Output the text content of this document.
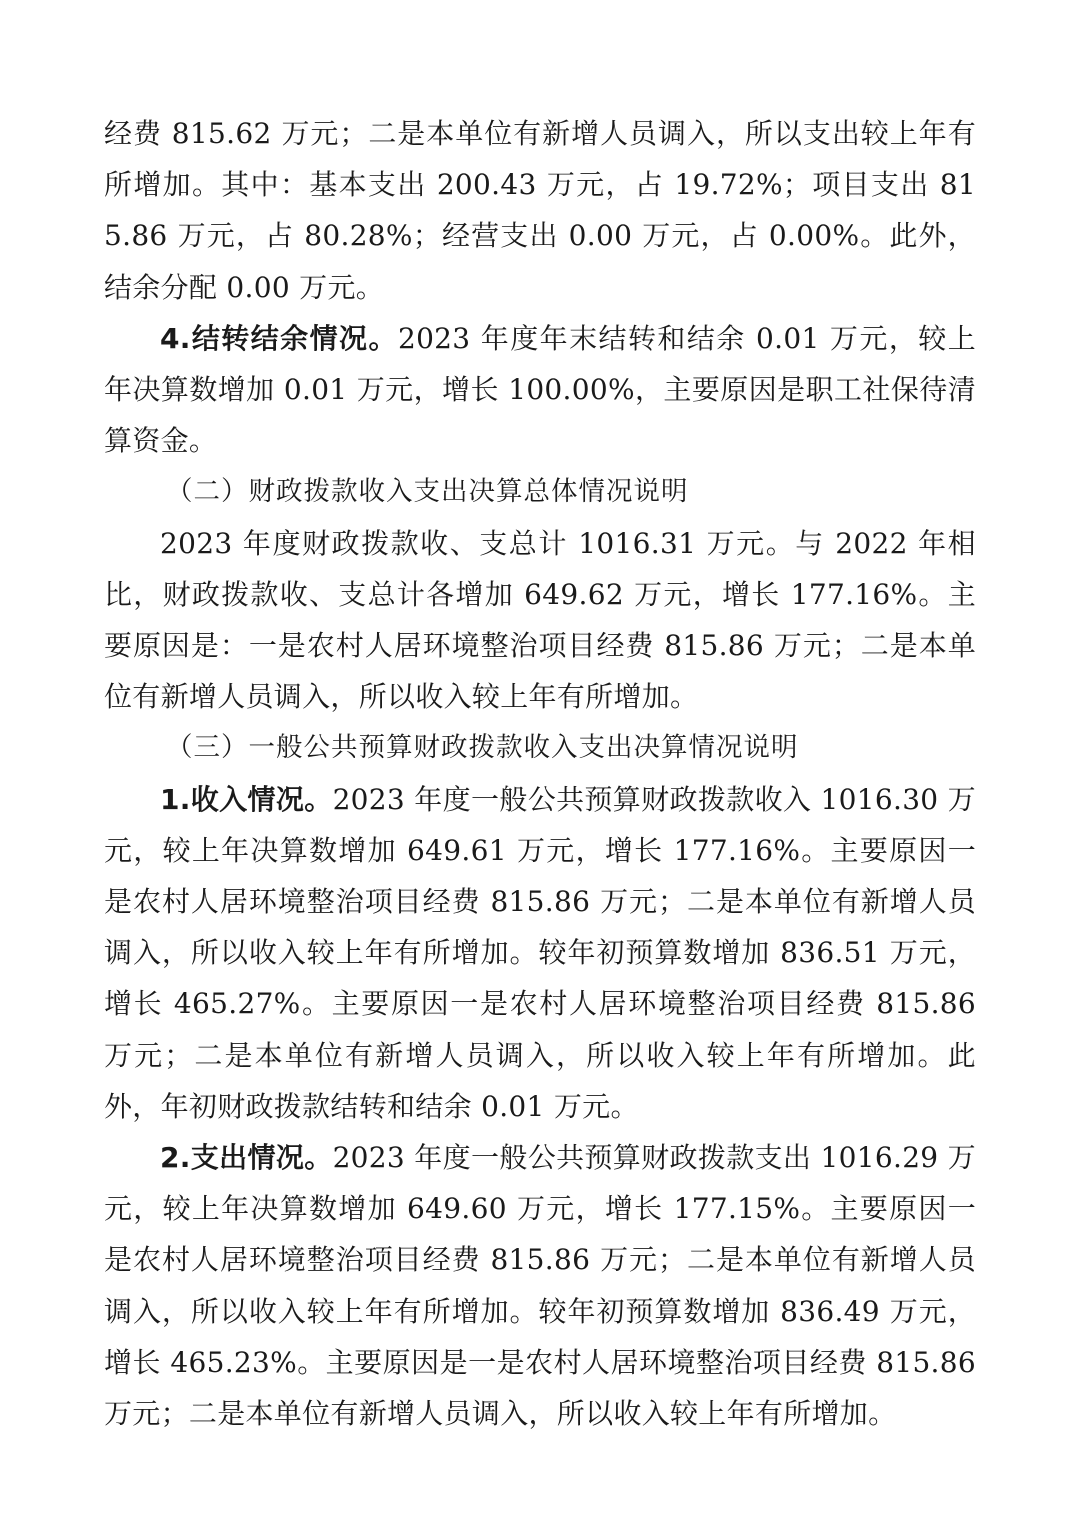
经费 815.62 万元；二是本单位有新增人员调入，所以支出较上年有所增加。其中：基本支出 200.43 万元，占 19.72%；项目支出 815.86 万元，占 80.28%；经营支出 0.00 万元，占 0.00%。此外，结余分配 0.00 万元。

4.结转结余情况。2023 年度年末结转和结余 0.01 万元，较上年决算数增加 0.01 万元，增长 100.00%，主要原因是职工社保待清算资金。

（二）财政拨款收入支出决算总体情况说明

2023 年度财政拨款收、支总计 1016.31 万元。与 2022 年相比，财政拨款收、支总计各增加 649.62 万元，增长 177.16%。主要原因是：一是农村人居环境整治项目经费 815.86 万元；二是本单位有新增人员调入，所以收入较上年有所增加。

（三）一般公共预算财政拨款收入支出决算情况说明

1.收入情况。2023 年度一般公共预算财政拨款收入 1016.30 万元，较上年决算数增加 649.61 万元，增长 177.16%。主要原因一是农村人居环境整治项目经费 815.86 万元；二是本单位有新增人员调入，所以收入较上年有所增加。较年初预算数增加 836.51 万元，增长 465.27%。主要原因一是农村人居环境整治项目经费 815.86 万元；二是本单位有新增人员调入，所以收入较上年有所增加。此外，年初财政拨款结转和结余 0.01 万元。

2.支出情况。2023 年度一般公共预算财政拨款支出 1016.29 万元，较上年决算数增加 649.60 万元，增长 177.15%。主要原因一是农村人居环境整治项目经费 815.86 万元；二是本单位有新增人员调入，所以收入较上年有所增加。较年初预算数增加 836.49 万元，增长 465.23%。主要原因是一是农村人居环境整治项目经费 815.86 万元；二是本单位有新增人员调入，所以收入较上年有所增加。
